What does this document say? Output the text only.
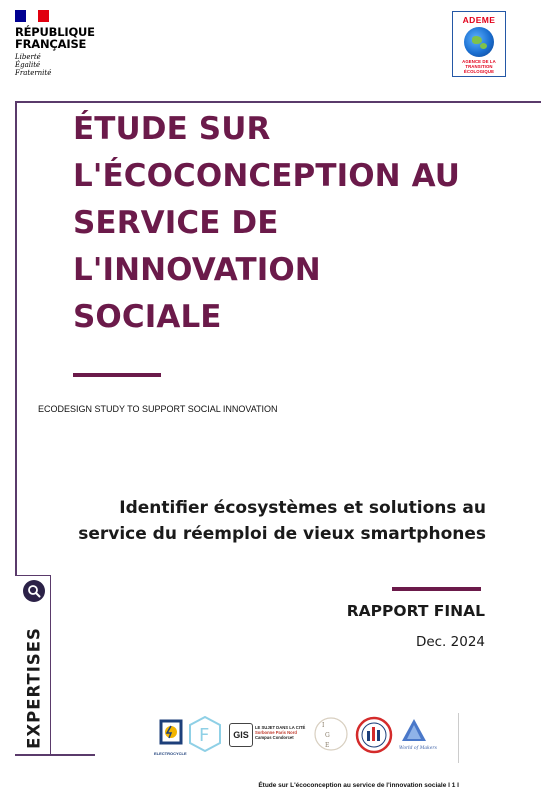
RÉPUBLIQUE
FRANÇAISE
Liberté
Égalité
Fraternité
ADEME
AGENCE DE LA TRANSITION ÉCOLOGIQUE
ÉTUDE SUR
L'ÉCOCONCEPTION AU
SERVICE DE
L'INNOVATION
SOCIALE
ECODESIGN STUDY TO SUPPORT SOCIAL INNOVATION
Identifier écosystèmes et solutions au
service du réemploi de vieux smartphones
RAPPORT FINAL
Dec. 2024
EXPERTISES
ELECTROCYCLE
F	GIS
LE SUJET DANS LA CITÉ
Sorbonne Paris Nord
Campus Condorcet
I
G
E	World of Makers
Étude sur L'écoconception au service de l'innovation sociale I 1 I
